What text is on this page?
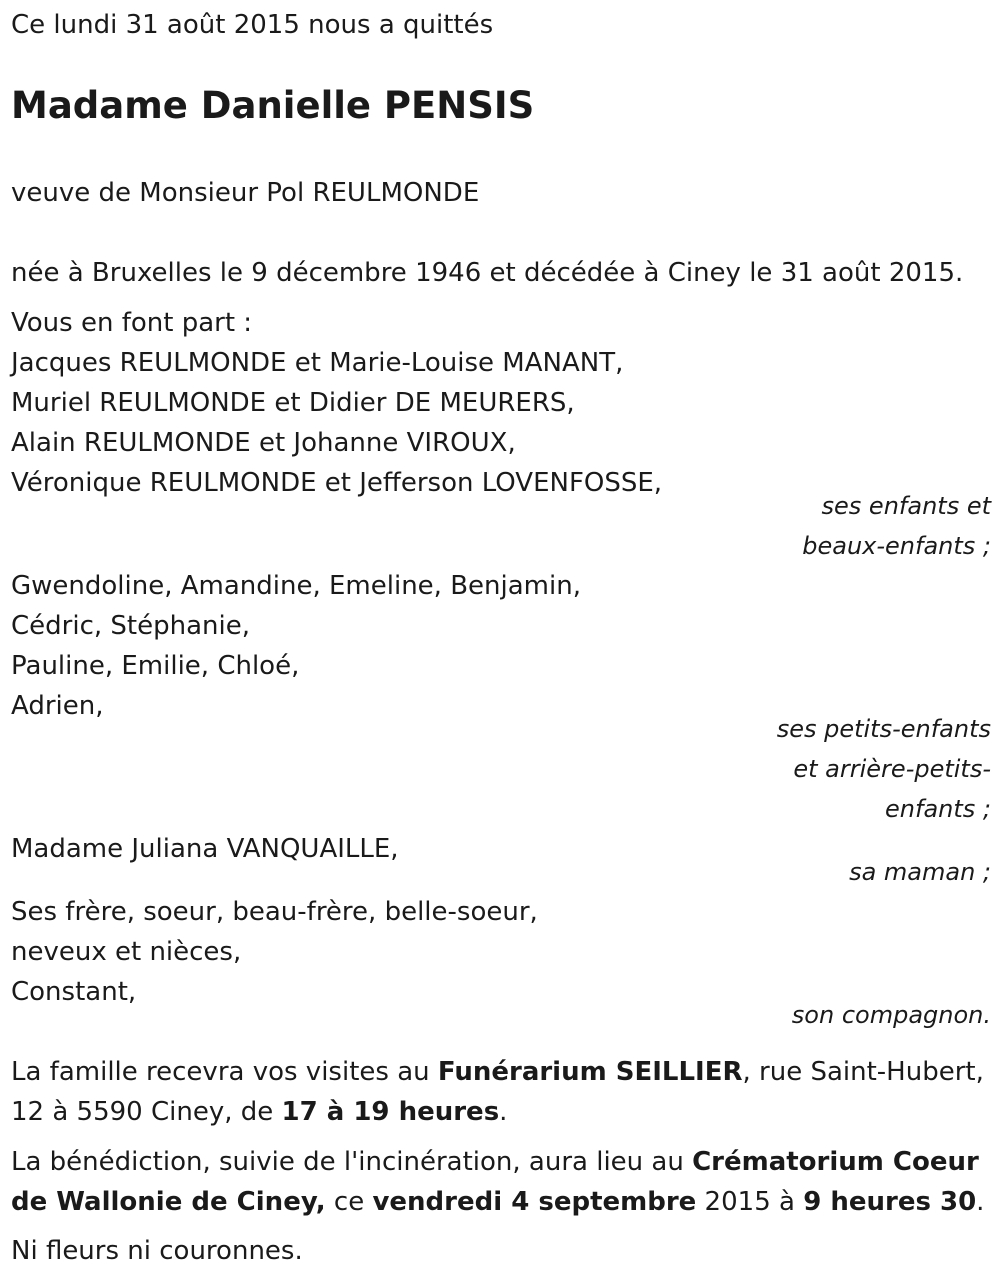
Ce lundi 31 août 2015 nous a quittés

Madame Danielle PENSIS

veuve de Monsieur Pol REULMONDE

née à Bruxelles le 9 décembre 1946 et décédée à Ciney le 31 août 2015.

Vous en font part :

Jacques REULMONDE et Marie-Louise MANANT,

Muriel REULMONDE et Didier DE MEURERS,

Alain REULMONDE et Johanne VIROUX,

Véronique REULMONDE et Jefferson LOVENFOSSE,

ses enfants et

beaux-enfants ;

Gwendoline, Amandine, Emeline, Benjamin,

Cédric, Stéphanie,

Pauline, Emilie, Chloé,

Adrien,

ses petits-enfants

et arrière-petits-

enfants ;

Madame Juliana VANQUAILLE,

sa maman ;

Ses frère, soeur, beau-frère, belle-soeur,

neveux et nièces,

Constant,

son compagnon.

La famille recevra vos visites au Funérarium SEILLIER, rue Saint-Hubert,

12 à 5590 Ciney, de 17 à 19 heures.

La bénédiction, suivie de l'incinération, aura lieu au Crématorium Coeur

de Wallonie de Ciney, ce vendredi 4 septembre 2015 à 9 heures 30.

Ni fleurs ni couronnes.
